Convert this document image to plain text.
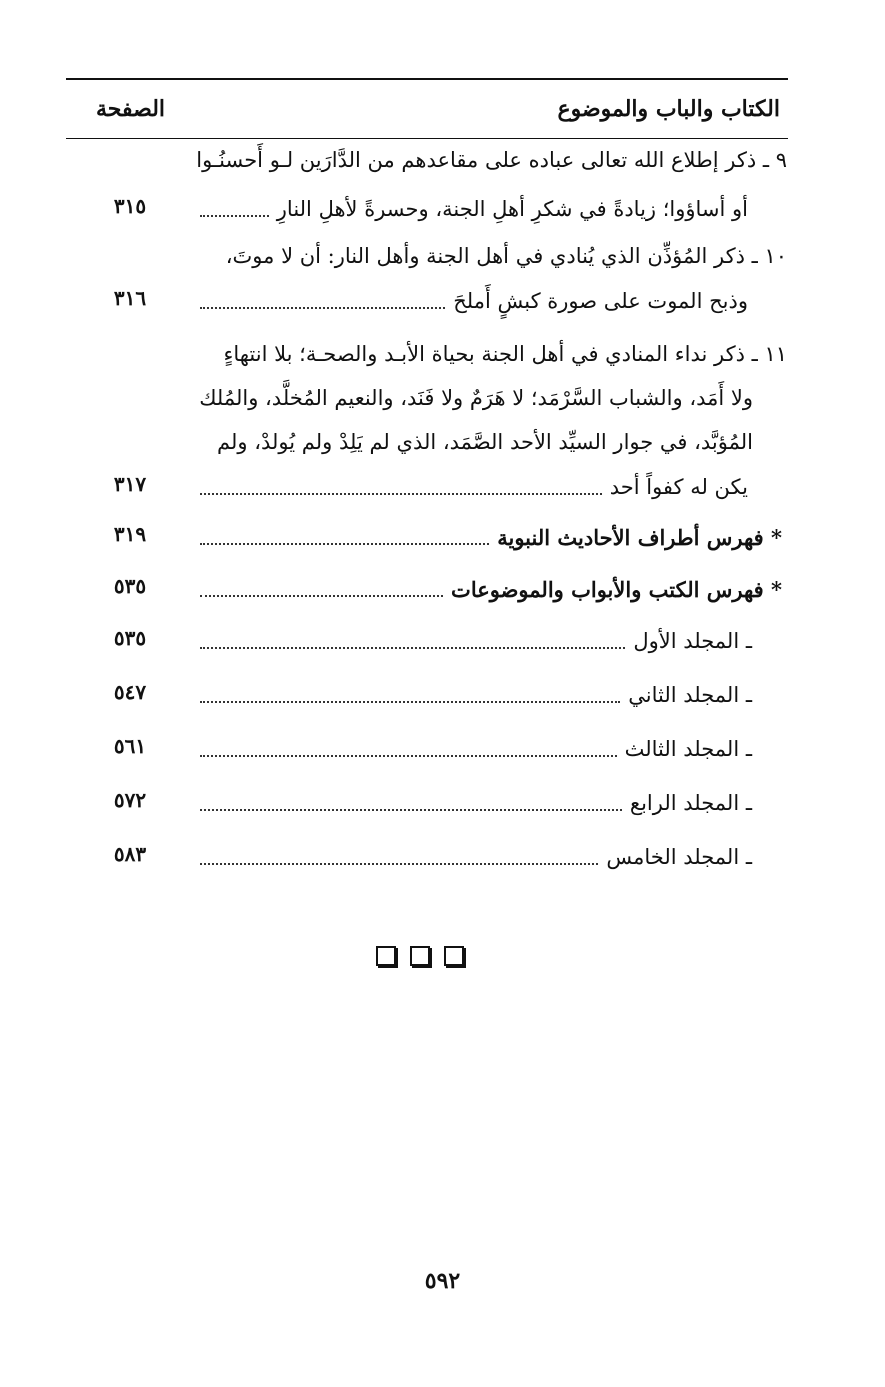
الكتاب والباب والموضوع
الصفحة
٩ ـ ذكر إطلاع الله تعالى عباده على مقاعدهم من الدَّارَين لـو أَحسنُـوا
أو أساؤوا؛ زيادةً في شكرِ أهلِ الجنة، وحسرةً لأهلِ النارِ
٣١٥
١٠ ـ ذكر المُؤذِّن الذي يُنادي في أهل الجنة وأهل النار: أن لا موتَ،
وذبح الموت على صورة كبشٍ أَملحَ
٣١٦
١١ ـ ذكر نداء المنادي في أهل الجنة بحياة الأبـد والصحـة؛ بلا انتهاءٍ
ولا أَمَد، والشباب السَّرْمَد؛ لا هَرَمٌ ولا فَنَد، والنعيم المُخلَّد، والمُلك
المُؤبَّد، في جوار السيِّد الأحد الصَّمَد، الذي لم يَلِدْ ولم يُولدْ، ولم
يكن له كفواً أحد
٣١٧
* فهرس أطراف الأحاديث النبوية
٣١٩
* فهرس الكتب والأبواب والموضوعات
٥٣٥
ـ المجلد الأول
٥٣٥
ـ المجلد الثاني
٥٤٧
ـ المجلد الثالث
٥٦١
ـ المجلد الرابع
٥٧٢
ـ المجلد الخامس
٥٨٣
٥٩٢
